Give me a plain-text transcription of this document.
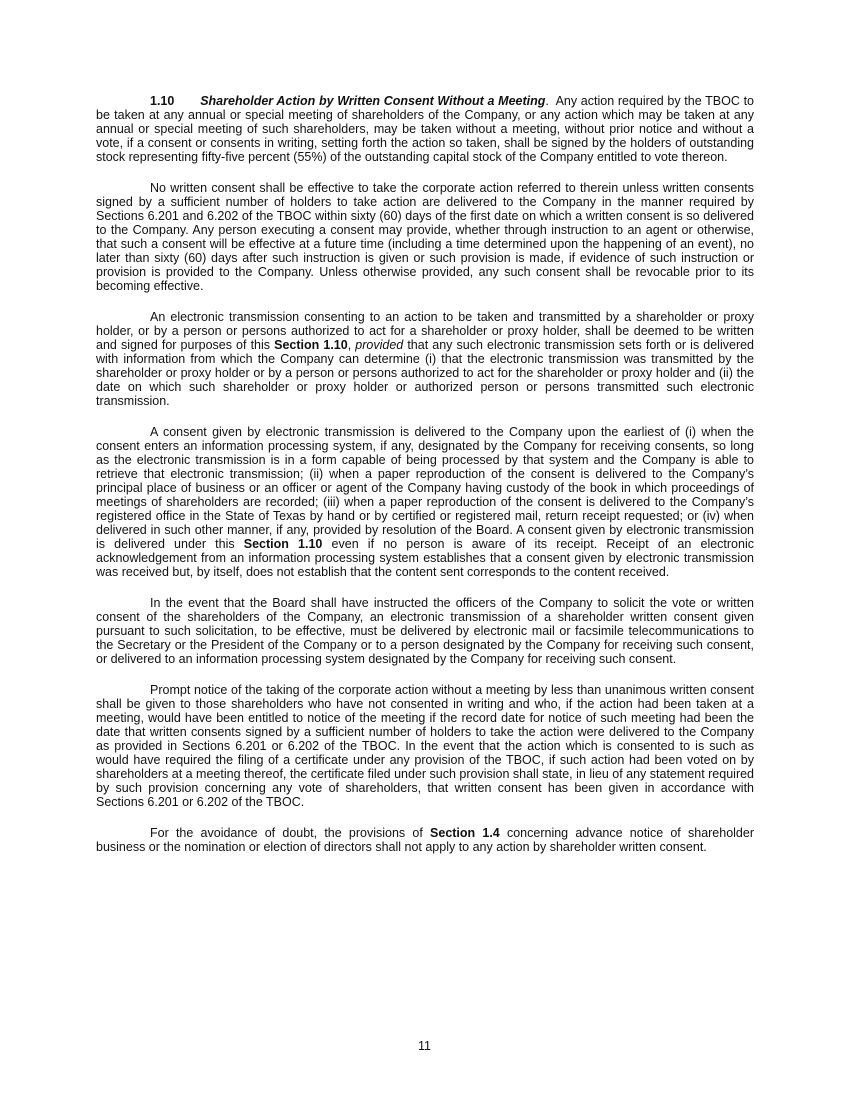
1.10 Shareholder Action by Written Consent Without a Meeting. Any action required by the TBOC to be taken at any annual or special meeting of shareholders of the Company, or any action which may be taken at any annual or special meeting of such shareholders, may be taken without a meeting, without prior notice and without a vote, if a consent or consents in writing, setting forth the action so taken, shall be signed by the holders of outstanding stock representing fifty-five percent (55%) of the outstanding capital stock of the Company entitled to vote thereon.

No written consent shall be effective to take the corporate action referred to therein unless written consents signed by a sufficient number of holders to take action are delivered to the Company in the manner required by Sections 6.201 and 6.202 of the TBOC within sixty (60) days of the first date on which a written consent is so delivered to the Company. Any person executing a consent may provide, whether through instruction to an agent or otherwise, that such a consent will be effective at a future time (including a time determined upon the happening of an event), no later than sixty (60) days after such instruction is given or such provision is made, if evidence of such instruction or provision is provided to the Company. Unless otherwise provided, any such consent shall be revocable prior to its becoming effective.

An electronic transmission consenting to an action to be taken and transmitted by a shareholder or proxy holder, or by a person or persons authorized to act for a shareholder or proxy holder, shall be deemed to be written and signed for purposes of this Section 1.10, provided that any such electronic transmission sets forth or is delivered with information from which the Company can determine (i) that the electronic transmission was transmitted by the shareholder or proxy holder or by a person or persons authorized to act for the shareholder or proxy holder and (ii) the date on which such shareholder or proxy holder or authorized person or persons transmitted such electronic transmission.

A consent given by electronic transmission is delivered to the Company upon the earliest of (i) when the consent enters an information processing system, if any, designated by the Company for receiving consents, so long as the electronic transmission is in a form capable of being processed by that system and the Company is able to retrieve that electronic transmission; (ii) when a paper reproduction of the consent is delivered to the Company’s principal place of business or an officer or agent of the Company having custody of the book in which proceedings of meetings of shareholders are recorded; (iii) when a paper reproduction of the consent is delivered to the Company’s registered office in the State of Texas by hand or by certified or registered mail, return receipt requested; or (iv) when delivered in such other manner, if any, provided by resolution of the Board. A consent given by electronic transmission is delivered under this Section 1.10 even if no person is aware of its receipt. Receipt of an electronic acknowledgement from an information processing system establishes that a consent given by electronic transmission was received but, by itself, does not establish that the content sent corresponds to the content received.

In the event that the Board shall have instructed the officers of the Company to solicit the vote or written consent of the shareholders of the Company, an electronic transmission of a shareholder written consent given pursuant to such solicitation, to be effective, must be delivered by electronic mail or facsimile telecommunications to the Secretary or the President of the Company or to a person designated by the Company for receiving such consent, or delivered to an information processing system designated by the Company for receiving such consent.

Prompt notice of the taking of the corporate action without a meeting by less than unanimous written consent shall be given to those shareholders who have not consented in writing and who, if the action had been taken at a meeting, would have been entitled to notice of the meeting if the record date for notice of such meeting had been the date that written consents signed by a sufficient number of holders to take the action were delivered to the Company as provided in Sections 6.201 or 6.202 of the TBOC. In the event that the action which is consented to is such as would have required the filing of a certificate under any provision of the TBOC, if such action had been voted on by shareholders at a meeting thereof, the certificate filed under such provision shall state, in lieu of any statement required by such provision concerning any vote of shareholders, that written consent has been given in accordance with Sections 6.201 or 6.202 of the TBOC.

For the avoidance of doubt, the provisions of Section 1.4 concerning advance notice of shareholder business or the nomination or election of directors shall not apply to any action by shareholder written consent.

11
